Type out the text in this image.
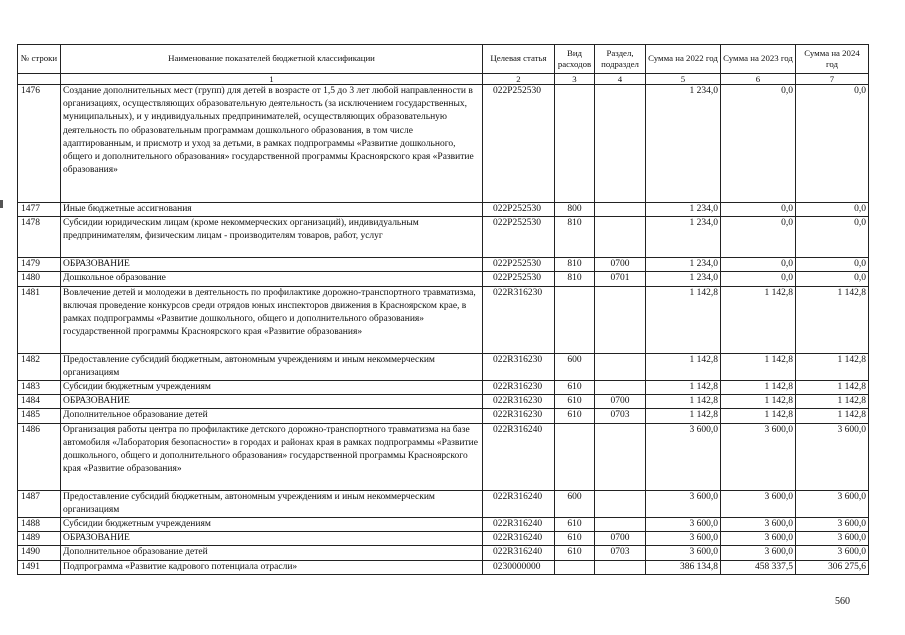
№ строки	Наименование показателей бюджетной классификации	Целевая статья	Вид расходов	Раздел, подраздел	Сумма на 2022 год	Сумма на 2023 год	Сумма на 2024 год
	1	2	3	4	5	6	7
1476	Создание дополнительных мест (групп) для детей в возрасте от 1,5 до 3 лет любой направленности в организациях, осуществляющих образовательную деятельность (за исключением государственных, муниципальных), и у индивидуальных предпринимателей, осуществляющих образовательную деятельность по образовательным программам дошкольного образования, в том числе адаптированным, и присмотр и уход за детьми, в рамках подпрограммы «Развитие дошкольного, общего и дополнительного образования» государственной программы Красноярского края «Развитие образования»	022P252530			1 234,0	0,0	0,0
1477	Иные бюджетные ассигнования	022P252530	800		1 234,0	0,0	0,0
1478	Субсидии юридическим лицам (кроме некоммерческих организаций), индивидуальным предпринимателям, физическим лицам - производителям товаров, работ, услуг	022P252530	810		1 234,0	0,0	0,0
1479	ОБРАЗОВАНИЕ	022P252530	810	0700	1 234,0	0,0	0,0
1480	Дошкольное образование	022P252530	810	0701	1 234,0	0,0	0,0
1481	Вовлечение детей и молодежи в деятельность по профилактике дорожно-транспортного травматизма, включая проведение конкурсов среди отрядов юных инспекторов движения в Красноярском крае, в рамках подпрограммы «Развитие дошкольного, общего и дополнительного образования» государственной программы Красноярского края «Развитие образования»	022R316230			1 142,8	1 142,8	1 142,8
1482	Предоставление субсидий бюджетным, автономным учреждениям и иным некоммерческим организациям	022R316230	600		1 142,8	1 142,8	1 142,8
1483	Субсидии бюджетным учреждениям	022R316230	610		1 142,8	1 142,8	1 142,8
1484	ОБРАЗОВАНИЕ	022R316230	610	0700	1 142,8	1 142,8	1 142,8
1485	Дополнительное образование детей	022R316230	610	0703	1 142,8	1 142,8	1 142,8
1486	Организация работы центра по профилактике детского дорожно-транспортного травматизма на базе автомобиля «Лаборатория безопасности» в городах и районах края в рамках подпрограммы «Развитие дошкольного, общего и дополнительного образования» государственной программы Красноярского края «Развитие образования»	022R316240			3 600,0	3 600,0	3 600,0
1487	Предоставление субсидий бюджетным, автономным учреждениям и иным некоммерческим организациям	022R316240	600		3 600,0	3 600,0	3 600,0
1488	Субсидии бюджетным учреждениям	022R316240	610		3 600,0	3 600,0	3 600,0
1489	ОБРАЗОВАНИЕ	022R316240	610	0700	3 600,0	3 600,0	3 600,0
1490	Дополнительное образование детей	022R316240	610	0703	3 600,0	3 600,0	3 600,0
1491	Подпрограмма «Развитие кадрового потенциала отрасли»	0230000000			386 134,8	458 337,5	306 275,6
560
